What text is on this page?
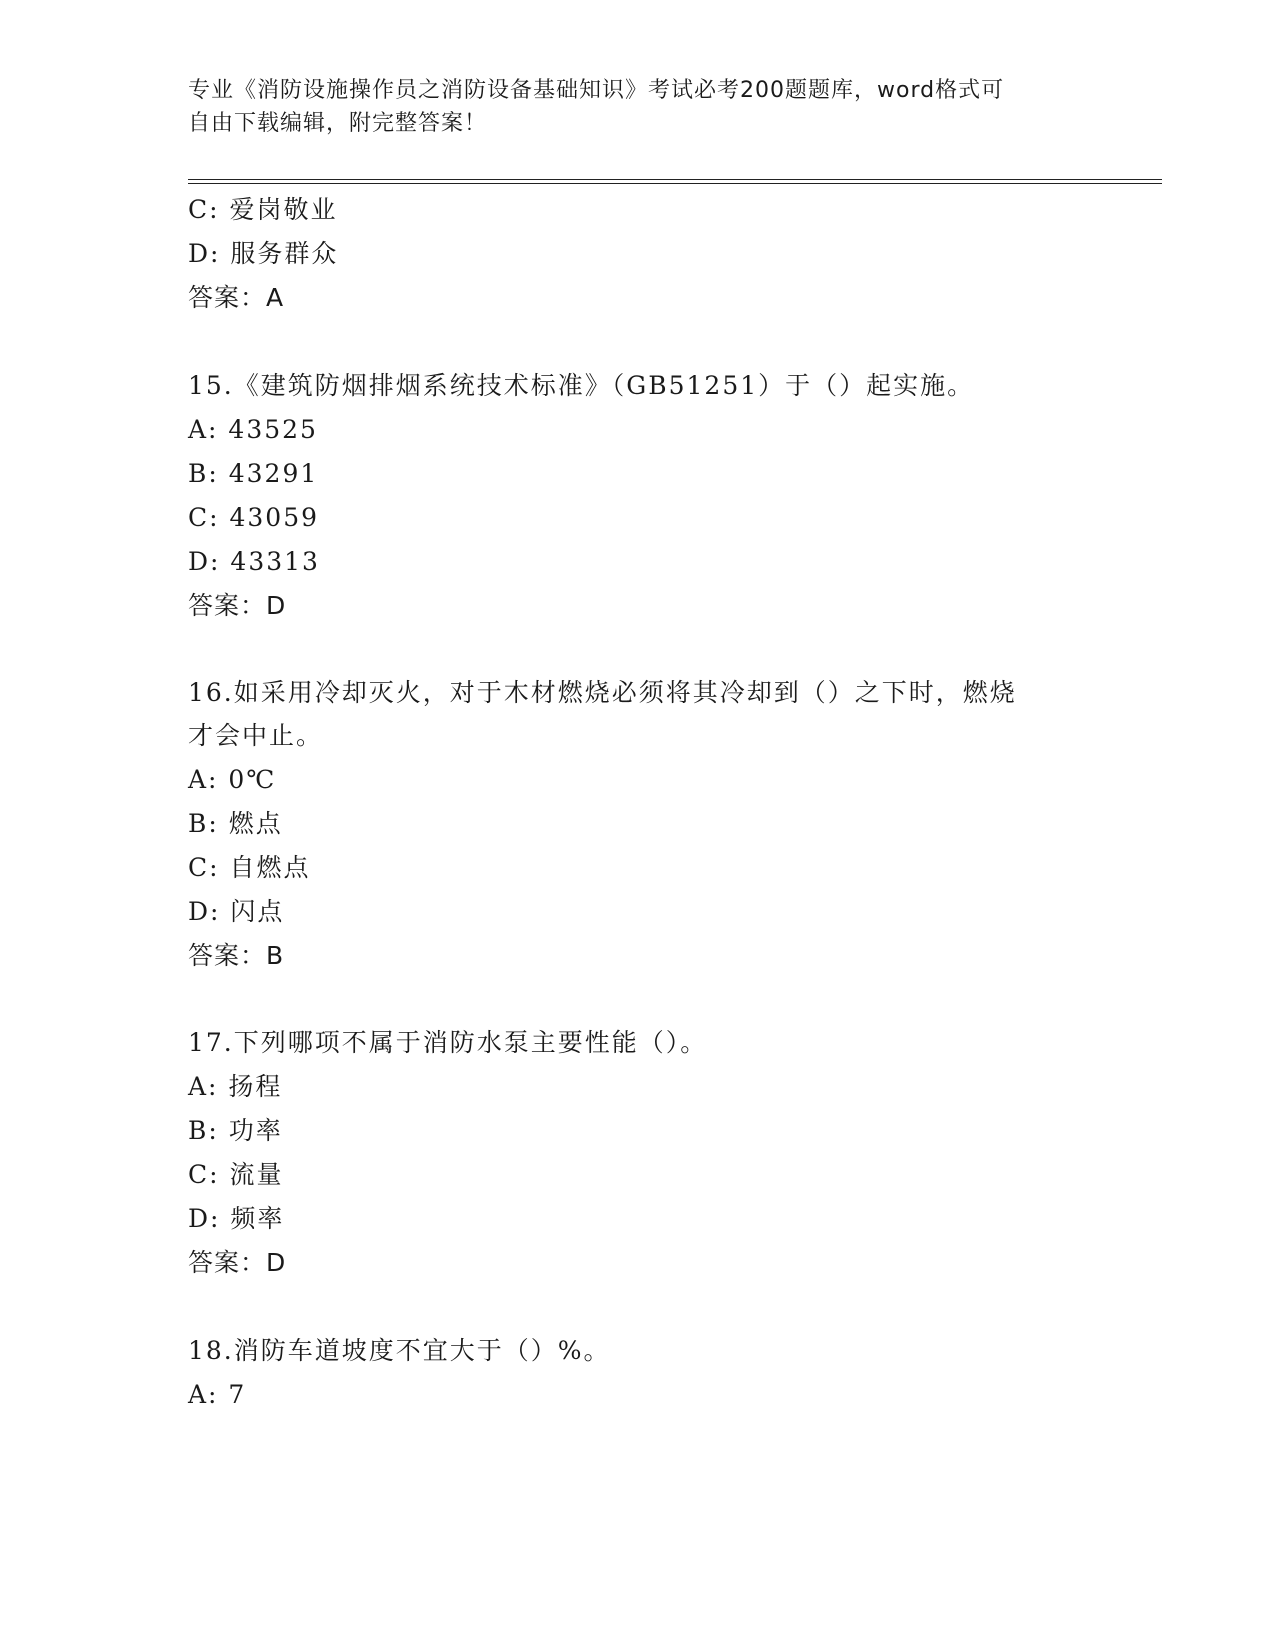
专业《消防设施操作员之消防设备基础知识》考试必考200题题库，word格式可
自由下载编辑，附完整答案！
C: 爱岗敬业
D: 服务群众
答案：A
15.《建筑防烟排烟系统技术标准》（GB51251）于（）起实施。
A: 43525
B: 43291
C: 43059
D: 43313
答案：D
16.如采用冷却灭火，对于木材燃烧必须将其冷却到（）之下时，燃烧
才会中止。
A: 0℃
B: 燃点
C: 自燃点
D: 闪点
答案：B
17.下列哪项不属于消防水泵主要性能（）。
A: 扬程
B: 功率
C: 流量
D: 频率
答案：D
18.消防车道坡度不宜大于（）%。
A: 7
